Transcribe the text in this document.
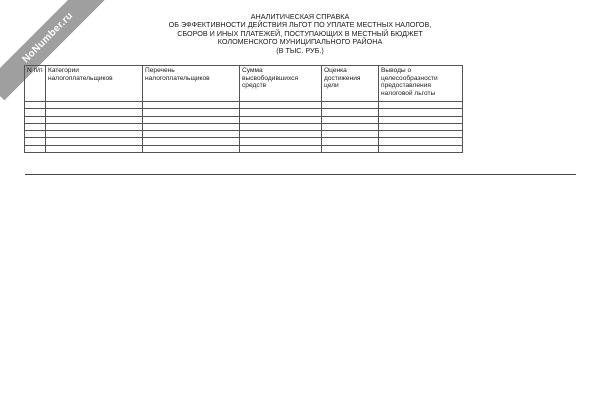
NoNumber.ru	АНАЛИТИЧЕСКАЯ СПРАВКА
ОБ ЭФФЕКТИВНОСТИ ДЕЙСТВИЯ ЛЬГОТ ПО УПЛАТЕ МЕСТНЫХ НАЛОГОВ,
СБОРОВ И ИНЫХ ПЛАТЕЖЕЙ, ПОСТУПАЮЩИХ В МЕСТНЫЙ БЮДЖЕТ
КОЛОМЕНСКОГО МУНИЦИПАЛЬНОГО РАЙОНА
(В ТЫС. РУБ.)
N п/п	Категории налогоплательщиков	Перечень налогоплательщиков	Сумма высвободившихся средств	Оценка достижения цели	Выводы о целесообразности предоставления налоговой льготы
